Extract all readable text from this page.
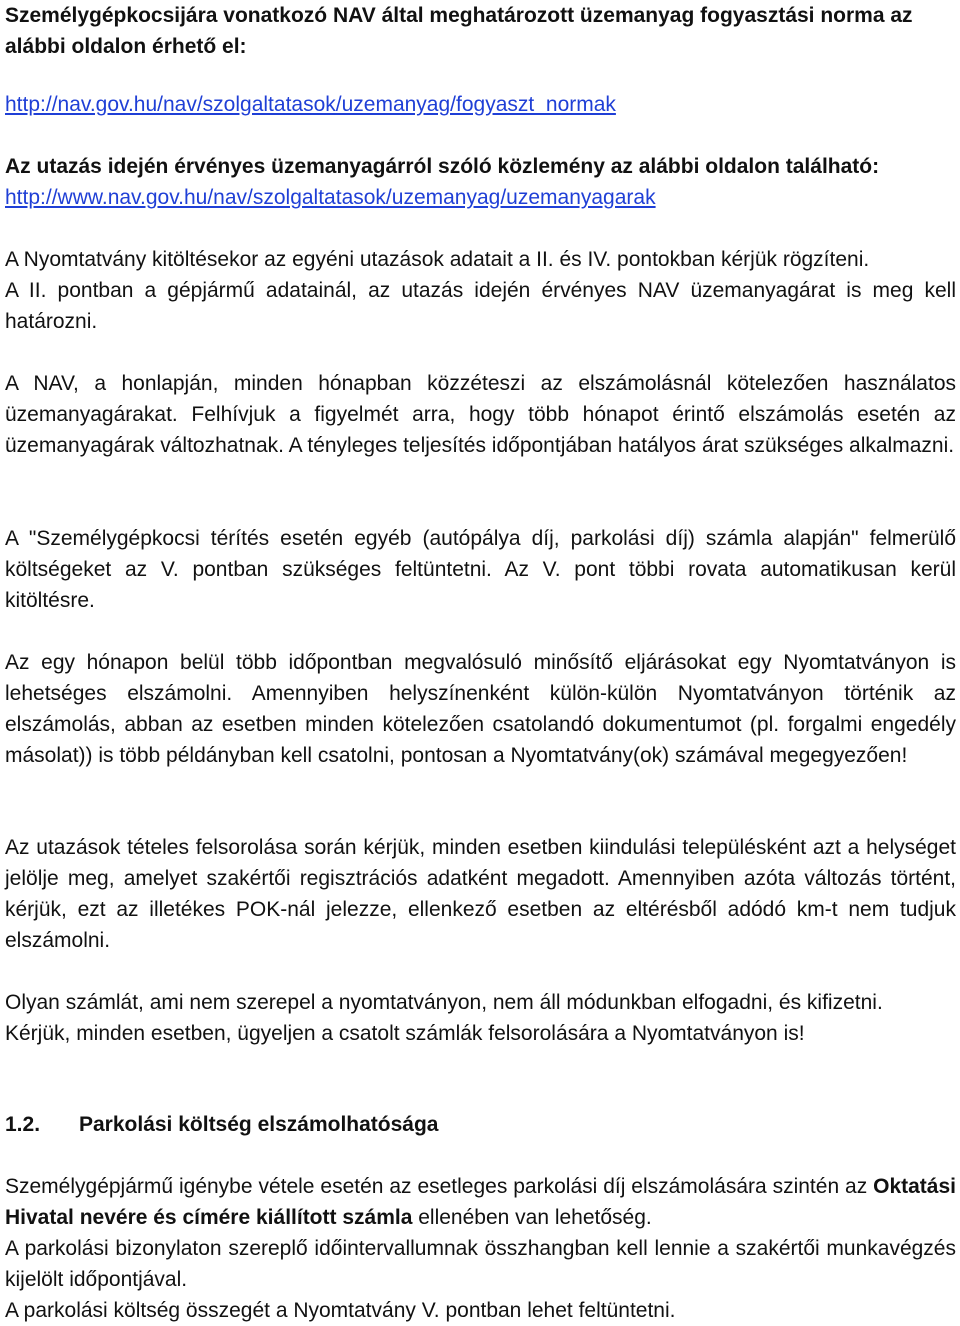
Személygépkocsijára vonatkozó NAV által meghatározott üzemanyag fogyasztási norma az
alábbi oldalon érhető el:

http://nav.gov.hu/nav/szolgaltatasok/uzemanyag/fogyaszt_normak

Az utazás idején érvényes üzemanyagárról szóló közlemény az alábbi oldalon található:

http://www.nav.gov.hu/nav/szolgaltatasok/uzemanyag/uzemanyagarak

A Nyomtatvány kitöltésekor az egyéni utazások adatait a II. és IV. pontokban kérjük rögzíteni.

A II. pontban a gépjármű adatainál, az utazás idején érvényes NAV üzemanyagárat is meg kell határozni.

A NAV, a honlapján, minden hónapban közzéteszi az elszámolásnál kötelezően használatos üzemanyagárakat. Felhívjuk a figyelmét arra, hogy több hónapot érintő elszámolás esetén az üzemanyagárak változhatnak. A tényleges teljesítés időpontjában hatályos árat szükséges alkalmazni.

A "Személygépkocsi térítés esetén egyéb (autópálya díj, parkolási díj) számla alapján" felmerülő költségeket az V. pontban szükséges feltüntetni. Az V. pont többi rovata automatikusan kerül kitöltésre.

Az egy hónapon belül több időpontban megvalósuló minősítő eljárásokat egy Nyomtatványon is lehetséges elszámolni. Amennyiben helyszínenként külön-külön Nyomtatványon történik az elszámolás, abban az esetben minden kötelezően csatolandó dokumentumot (pl. forgalmi engedély másolat)) is több példányban kell csatolni, pontosan a Nyomtatvány(ok) számával megegyezően!

Az utazások tételes felsorolása során kérjük, minden esetben kiindulási településként azt a helységet jelölje meg, amelyet szakértői regisztrációs adatként megadott. Amennyiben azóta változás történt, kérjük, ezt az illetékes POK-nál jelezze, ellenkező esetben az eltérésből adódó km-t nem tudjuk elszámolni.

Olyan számlát, ami nem szerepel a nyomtatványon, nem áll módunkban elfogadni, és kifizetni.
Kérjük, minden esetben, ügyeljen a csatolt számlák felsorolására a Nyomtatványon is!

1.2. Parkolási költség elszámolhatósága

Személygépjármű igénybe vétele esetén az esetleges parkolási díj elszámolására szintén az Oktatási Hivatal nevére és címére kiállított számla ellenében van lehetőség.

A parkolási bizonylaton szereplő időintervallumnak összhangban kell lennie a szakértői munkavégzés kijelölt időpontjával.

A parkolási költség összegét a Nyomtatvány V. pontban lehet feltüntetni.
